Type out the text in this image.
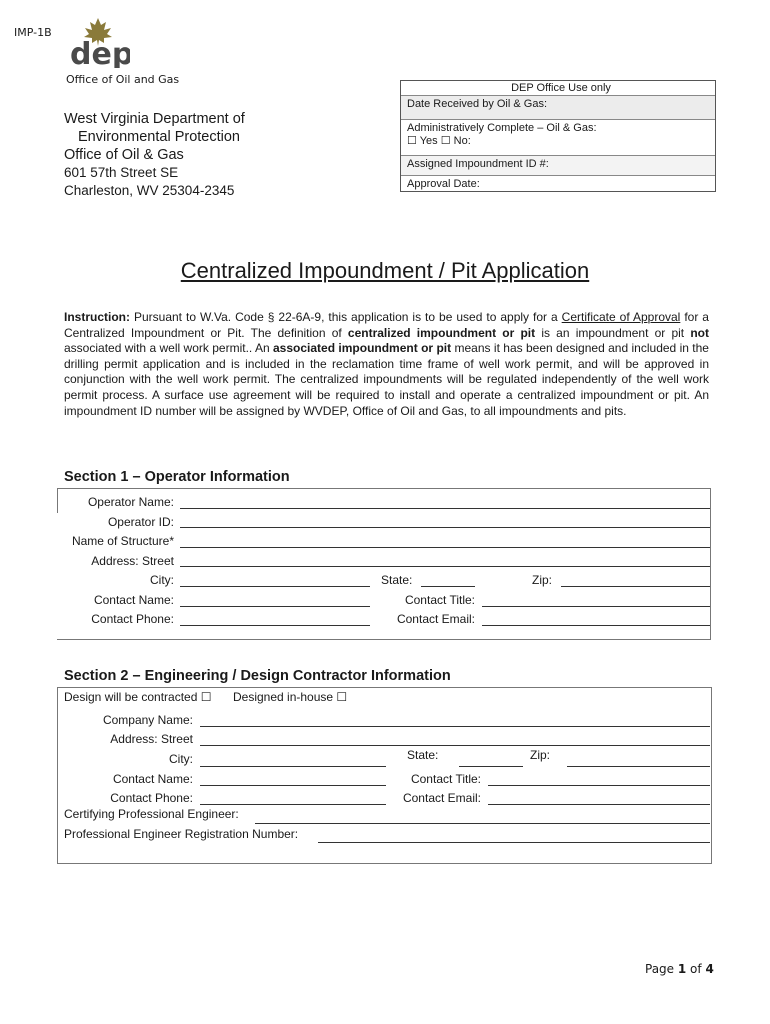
IMP-1B
dep
Office of Oil and Gas
West Virginia Department of
Environmental Protection
Office of Oil & Gas
601 57th Street SE
Charleston, WV 25304-2345
DEP Office Use only
Date Received by Oil & Gas:
Administratively Complete – Oil & Gas:
☐ Yes ☐ No:
Assigned Impoundment ID #:
Approval Date:
Centralized Impoundment / Pit Application
Instruction: Pursuant to W.Va. Code § 22-6A-9, this application is to be used to apply for a Certificate of Approval for a Centralized Impoundment or Pit. The definition of centralized impoundment or pit is an impoundment or pit not associated with a well work permit.. An associated impoundment or pit means it has been designed and included in the drilling permit application and is included in the reclamation time frame of well work permit, and will be approved in conjunction with the well work permit. The centralized impoundments will be regulated independently of the well work permit process. A surface use agreement will be required to install and operate a centralized impoundment or pit. An impoundment ID number will be assigned by WVDEP, Office of Oil and Gas, to all impoundments and pits.
Section 1 – Operator Information
Operator Name:
Operator ID:
Name of Structure*
Address: Street
City:	State:	Zip:
Contact Name:	Contact Title:
Contact Phone:	Contact Email:
Section 2 – Engineering / Design Contractor Information
Design will be contracted ☐ Designed in-house ☐
Company Name:
Address: Street
City:	State:	Zip:
Contact Name:	Contact Title:
Contact Phone:	Contact Email:
Certifying Professional Engineer:
Professional Engineer Registration Number:
Page 1 of 4
